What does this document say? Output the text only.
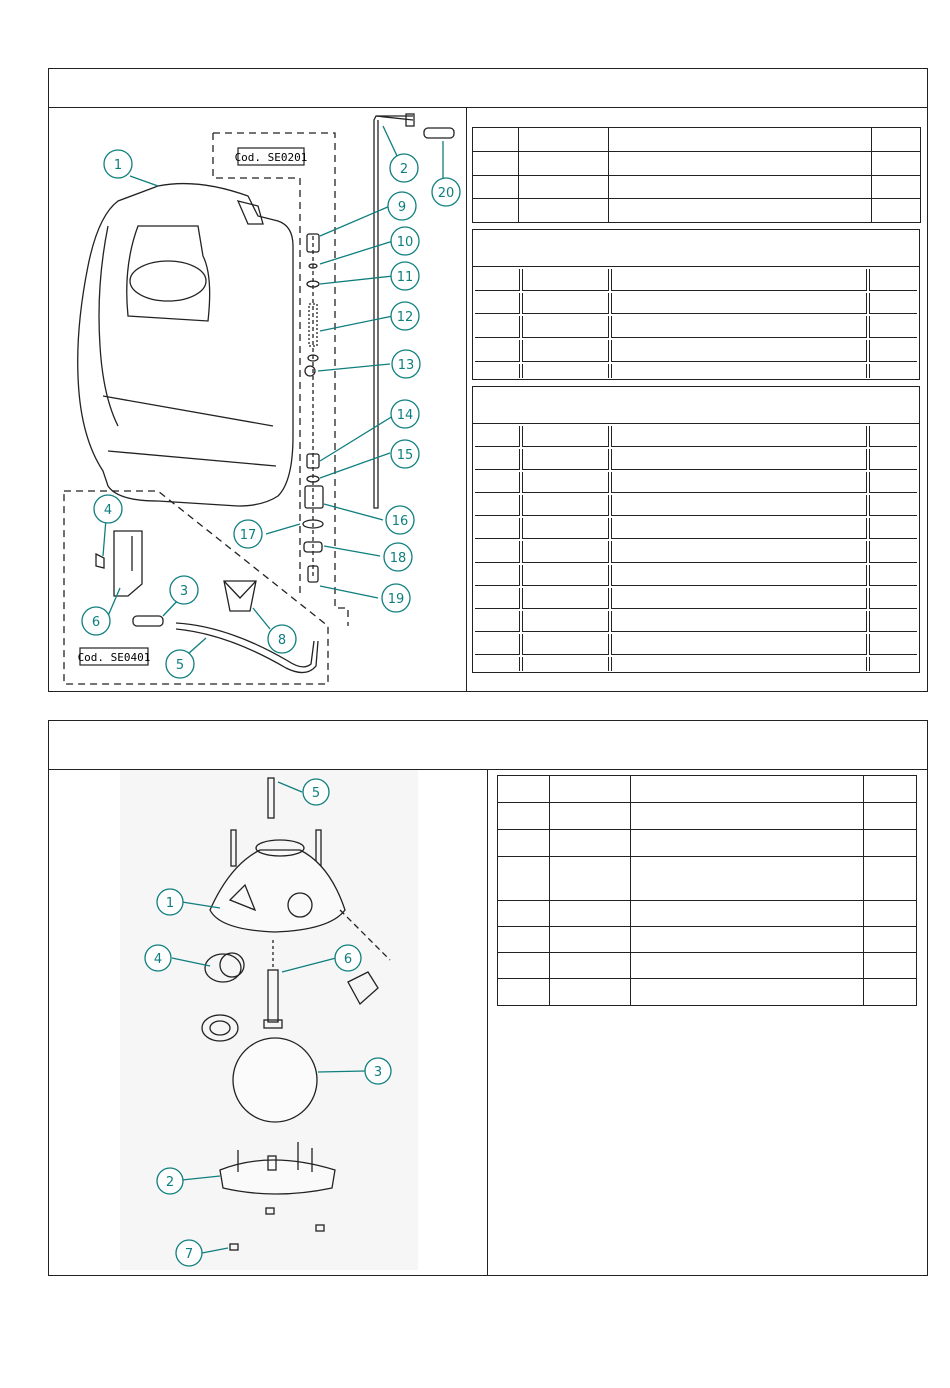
Cod. SE0201
Cod. SE0401
1	2
3
4
5
6
8
9
10
11
12
13
14
15
16
17
18
19
20

1
2
3
4
5
6
7
